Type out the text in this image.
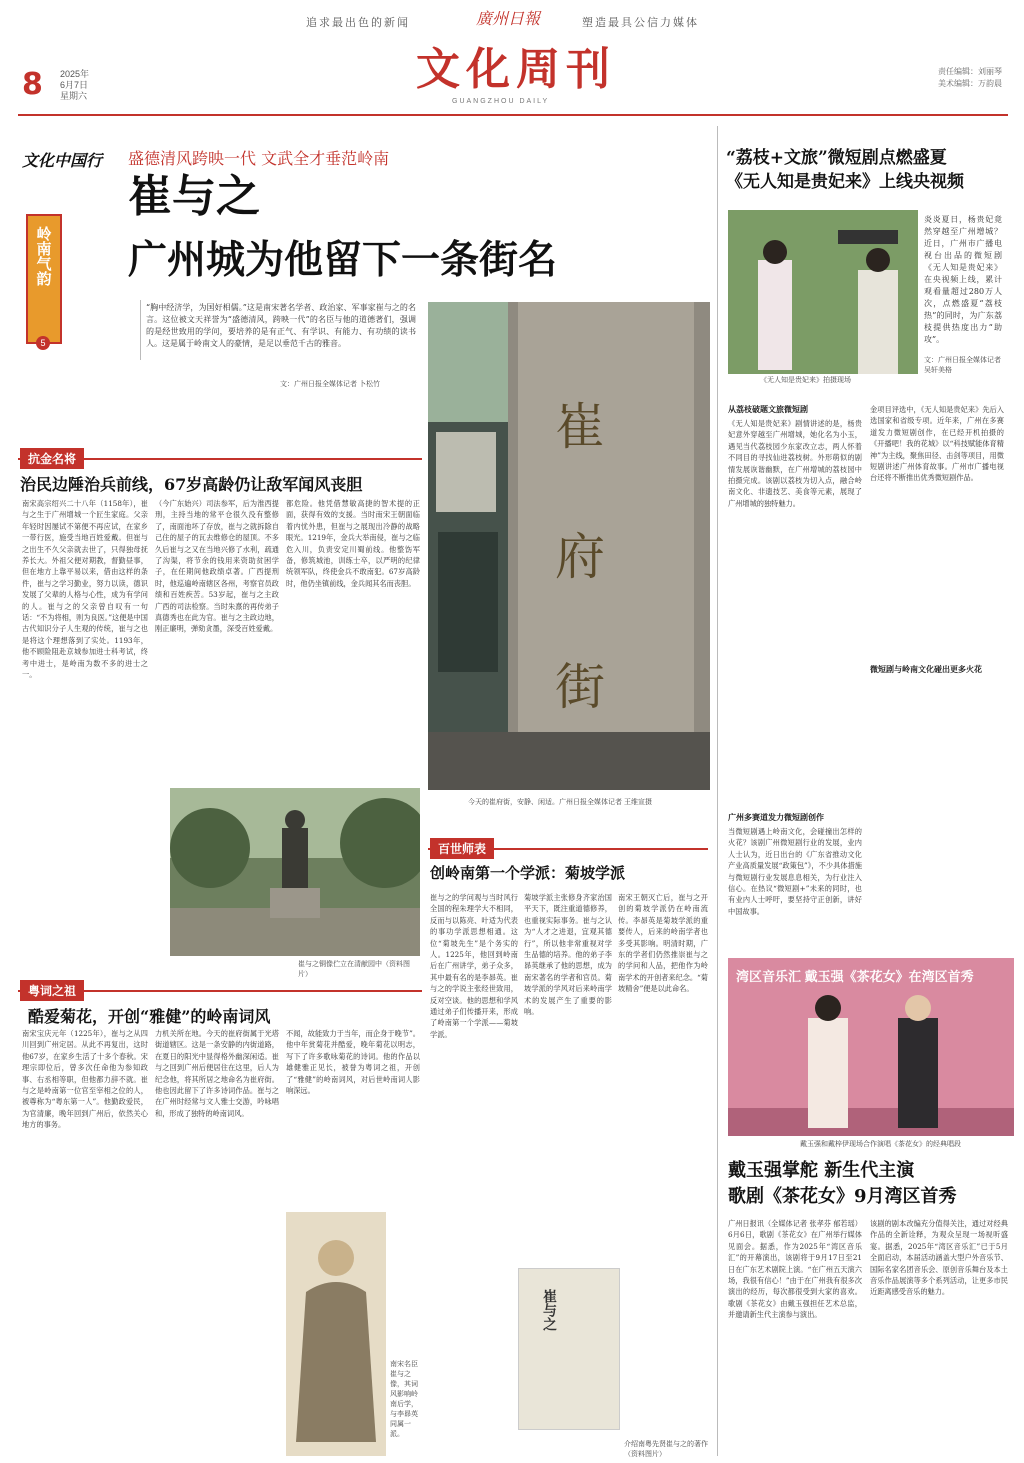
8 2025年
6月7日
星期六
追求最出色的新闻	廣州日報	塑造最具公信力媒体
文化周刊
GUANGZHOU DAILY
责任编辑：刘丽琴
美术编辑：万韵晨
文化中国行
岭南气韵
5
盛德清风跨映一代 文武全才垂范岭南
崔与之
广州城为他留下一条街名
“胸中经济学，为国好相儒。”这是南宋著名学者、政治家、军事家崔与之的名言。这位被文天祥誉为“盛德清风，跨映一代”的名臣与他的道德著们，强调的是经世致用的学问，要培养的是有正气、有学识、有能力、有功绩的读书人。这是属于岭南文人的豪情，是足以垂范千古的雅音。
文：广州日报全媒体记者 卜松竹
崔
府
街
今天的崔府街，安静、闲适。广州日报全媒体记者 王维宣摄
抗金名将
治民边陲治兵前线，67岁高龄仍让敌军闻风丧胆
南宋高宗绍兴二十八年（1158年），崔与之生于广州增城一个匠生家庭。父亲年轻时因屡试不第便不再应试，在家乡一带行医，施受当地百姓爱戴。但崔与之出生不久父亲就去世了，只得独母抚养长大。外祖父便对期教，督勤昼事，但在地方上靠平易以来，借由这样的条件，崔与之学习勤业，努力以读，德识发展了父辈的人格与心性，成为有学问的人。崔与之的父亲曾自叹有一句话：“不为将相，则为良医。”这便是中国古代知识分子人生观的传统，崔与之也是将这个理想落到了实处。1193年，他不顾险阻赴京城参加进士科考试，终考中进士，是岭南为数不多的进士之一。
（今广东始兴）司法参军，后为淮西提刑，主持当地的常平仓很久没有整修了，南面池坏了存放，崔与之就拆除自己住的屋子的瓦去维修仓的屋顶。不多久后崔与之又在当地兴修了水利，疏通了沟渠，将节余的钱用来资助贫困学子，在任期间他政绩卓著。广西提刑时，他巡遍岭南辖区各州，考察官员政绩和百姓疾苦。53岁起，崔与之主政广西的司法检察。当时朱熹的再传弟子真德秀也在此为官。崔与之主政边地，刚正廉明，弹劾贪墨，深受百姓爱戴。
都危险。他凭借慧敏高捷的智术提的正面，获得有效的支援。当时南宋王朝面临着内忧外患，但崔与之展现出冷静的战略眼光。1219年，金兵大举南侵，崔与之临危入川，负责安定川蜀前线。他整饬军备，修筑城池，训练士卒，以严明的纪律统领军队，终使金兵不敢南犯。67岁高龄时，他仍坐镇前线，金兵闻其名而丧胆。
崔与之铜像伫立在清献园中（资料图片）
粤词之祖
酷爱菊花，开创“雅健”的岭南词风
南宋宝庆元年（1225年），崔与之从四川回到广州定居。从此不再复出，这时他67岁，在家乡生活了十多个春秋。宋理宗即位后，曾多次任命他为参知政事、右丞相等职，但他都力辞不就。崔与之是岭南第一位官至宰相之位的人，被尊称为“粤东第一人”。他勤政爱民，为官清廉，晚年回到广州后，依然关心地方的事务。
力机关所在地。今天的崔府街属于光塔街道辖区。这是一条安静的内街道路，在夏日的阳光中显得格外幽深闲适。崔与之回到广州后便居住在这里，后人为纪念他，将其所居之地命名为崔府街。他也因此留下了许多诗词作品。崔与之在广州时经常与文人雅士交游，吟咏唱和，形成了独特的岭南词风。
不闻，故能致力于当年，而企身于晚节”。他中年赏菊花并酷爱，晚年菊花以明志，写下了许多歌咏菊花的诗词。他的作品以雄健雅正见长，被誉为粤词之祖，开创了“雅健”的岭南词风，对后世岭南词人影响深远。
南宋名臣崔与之像，其词风影响岭南后学，与李昴英同属一派。
百世师表
创岭南第一个学派：菊坡学派
崔与之的学问观与当时风行全国的程朱理学大不相同，反而与以陈亮、叶适为代表的事功学派思想相通。这位“菊坡先生”是个务实的人。1225年，他回到岭南后在广州讲学，弟子众多，其中最有名的是李昴英。崔与之的学说主张经世致用，反对空谈。他的思想和学风通过弟子们传播开来，形成了岭南第一个学派——菊坡学派。
菊坡学派主张修身齐家治国平天下，既注重道德修养，也重视实际事务。崔与之认为“人才之进退，宜观其德行”，所以他非常重视对学生品德的培养。他的弟子李昴英继承了他的思想，成为南宋著名的学者和官员。菊坡学派的学风对后来岭南学术的发展产生了重要的影响。
南宋王朝灭亡后，崔与之开创的菊坡学派仍在岭南流传。李昴英是菊坡学派的重要传人，后来的岭南学者也多受其影响。明清时期，广东的学者们仍然推崇崔与之的学问和人品，把他作为岭南学术的开创者来纪念。“菊坡精舍”便是以此命名。
崔与之
介绍南粤先贤崔与之的著作（资料图片）
“荔枝+文旅”微短剧点燃盛夏
《无人知是贵妃来》上线央视频
《无人知是贵妃来》拍摄现场
炎炎夏日，杨贵妃竟然穿越至广州增城？近日，广州市广播电视台出品的微短剧《无人知是贵妃来》在央视频上线，累计观看量超过280万人次，点燃盛夏“荔枝热”的同时，为广东荔枝提供热度出力“助攻”。
文：广州日报全媒体记者 吴轩美格
从荔枝破题文旅微短剧
《无人知是贵妃来》剧情讲述的是，杨贵妃意外穿越至广州增城，她化名为小玉，遇见当代荔枝园少东家改立志，两人怀着不同目的寻找仙进荔枝树。外形萌似的剧情发展诙谐幽默，在广州增城的荔枝园中拍摄完成。该剧以荔枝为切入点，融合岭南文化、非遗技艺、美食等元素，展现了广州增城的独特魅力。
广州多赛道发力微短剧创作
当微短剧遇上岭南文化，会碰撞出怎样的火花？该剧广州微短剧行业的发展，业内人士认为，近日出台的《广东省推动文化产业高质量发展“政策包”》，不少具体措施与微短剧行业发展息息相关，为行业注入信心。在热议“微短剧+”未来的同时，也有业内人士呼吁，要坚持守正创新，讲好中国故事。
金项目评选中，《无人知是贵妃来》先后入选国家和省级专项。近年来，广州在多赛道发力微短剧创作，在已经开机拍摄的《开播吧！我的花城》以“科技赋能体育精神”为主线，聚焦田径、击剑等项目，用微短剧讲述广州体育故事。广州市广播电视台还将不断推出优秀微短剧作品。
微短剧与岭南文化碰出更多火花
湾区音乐汇 戴玉强《茶花女》在湾区首秀
戴玉强和戴梓伊现场合作演唱《茶花女》的经典唱段
戴玉强掌舵 新生代主演
歌剧《茶花女》9月湾区首秀
广州日报讯（全媒体记者 张孝芬 郁若瑶）6月6日，歌剧《茶花女》在广州举行媒体见面会。据悉，作为2025年“湾区音乐汇”的开幕演出，该剧将于9月17日至21日在广东艺术剧院上演。“在广州五天演六场，我很有信心！”由于在广州我有很多次演出的经历，每次都很受到大家的喜欢。歌剧《茶花女》由戴玉强担任艺术总监，并邀请新生代主演参与演出。
该剧的剧本改编充分值得关注，通过对经典作品的全新诠释，为观众呈现一场视听盛宴。据悉，2025年“湾区音乐汇”已于5月全面启动，本届活动涵盖大型户外音乐节、国际名家名团音乐会、原创音乐舞台及本土音乐作品展演等多个系列活动，让更多市民近距离感受音乐的魅力。
